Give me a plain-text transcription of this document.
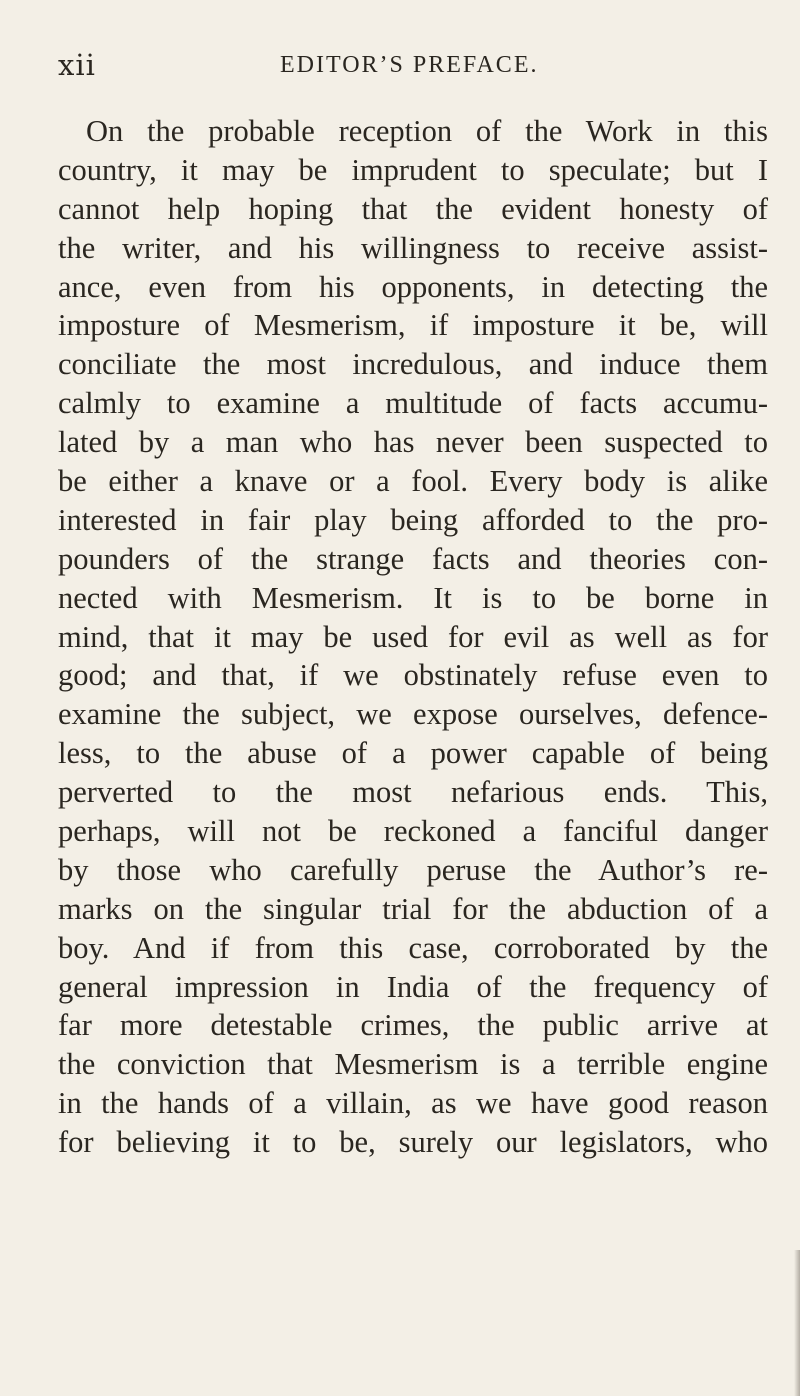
xii	EDITOR’S PREFACE.
On the probable reception of the Work in this
country, it may be imprudent to speculate; but I
cannot help hoping that the evident honesty of
the writer, and his willingness to receive assist-
ance, even from his opponents, in detecting the
imposture of Mesmerism, if imposture it be, will
conciliate the most incredulous, and induce them
calmly to examine a multitude of facts accumu-
lated by a man who has never been suspected to
be either a knave or a fool. Every body is alike
interested in fair play being afforded to the pro-
pounders of the strange facts and theories con-
nected with Mesmerism. It is to be borne in
mind, that it may be used for evil as well as for
good; and that, if we obstinately refuse even to
examine the subject, we expose ourselves, defence-
less, to the abuse of a power capable of being
perverted to the most nefarious ends. This,
perhaps, will not be reckoned a fanciful danger
by those who carefully peruse the Author’s re-
marks on the singular trial for the abduction of a
boy. And if from this case, corroborated by the
general impression in India of the frequency of
far more detestable crimes, the public arrive at
the conviction that Mesmerism is a terrible engine
in the hands of a villain, as we have good reason
for believing it to be, surely our legislators, who
